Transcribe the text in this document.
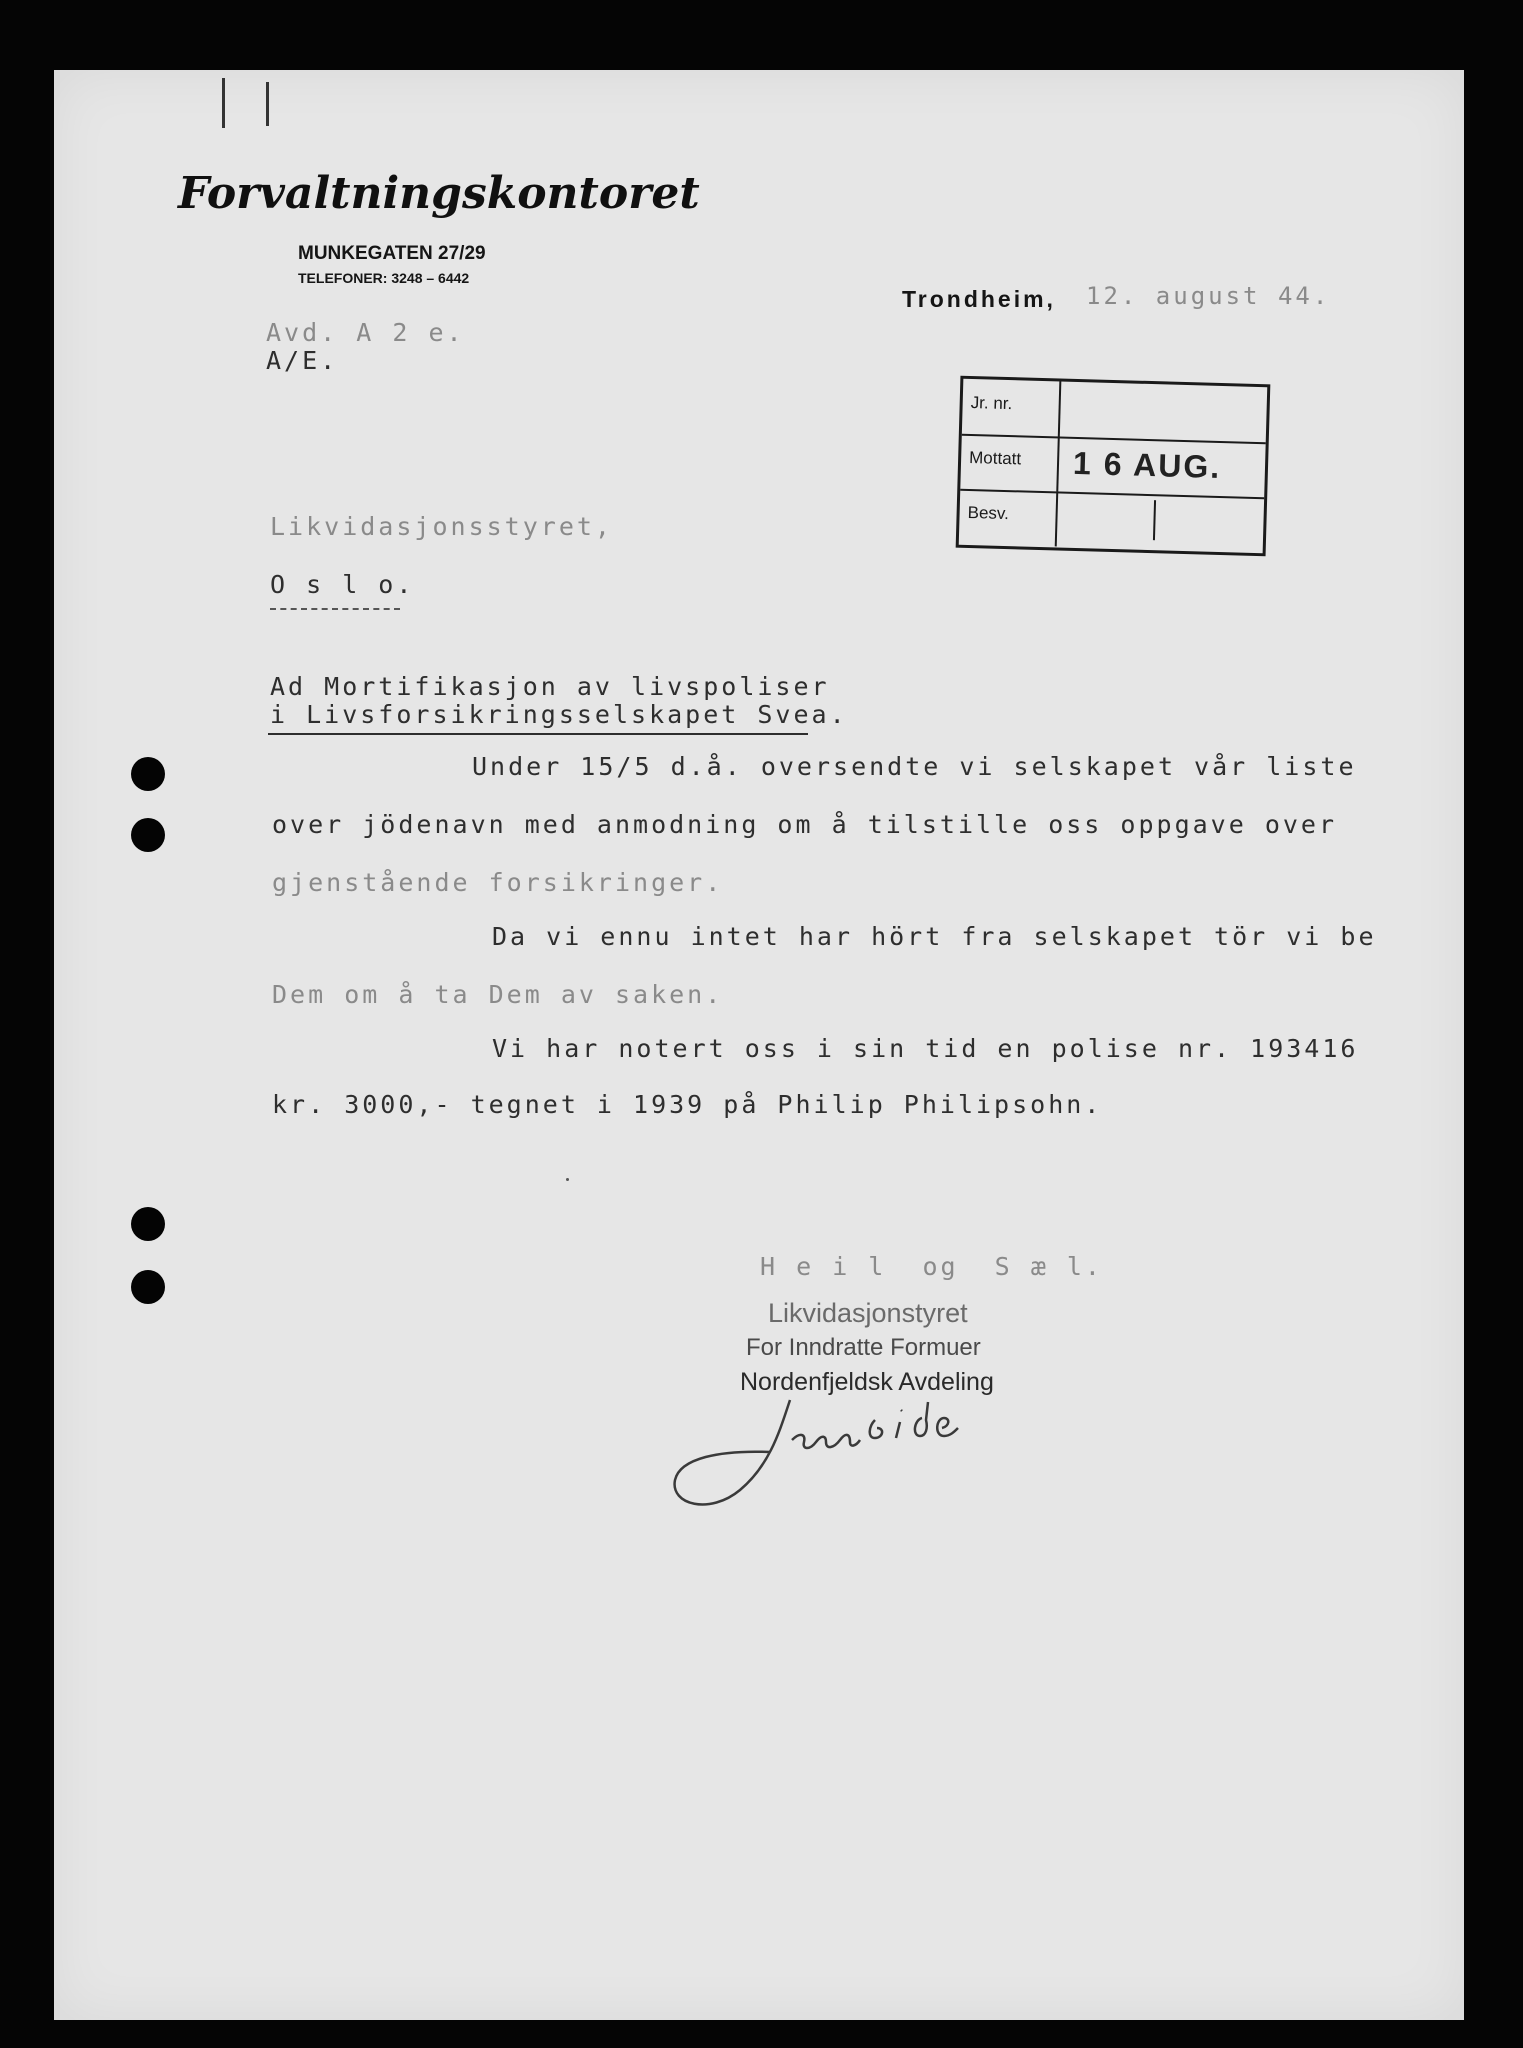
Forvaltningskontoret
MUNKEGATEN 27/29
TELEFONER: 3248 – 6442
Trondheim, 12. august 44.
Avd. A 2 e.
A/E.
Jr. nr.
Mottatt	1 6 AUG.
Besv.
Likvidasjonsstyret,
O s l o.
Ad Mortifikasjon av livspoliser
i Livsforsikringsselskapet Svea.
Under 15/5 d.å. oversendte vi selskapet vår liste
over jödenavn med anmodning om å tilstille oss oppgave over
gjenstående forsikringer.
Da vi ennu intet har hört fra selskapet tör vi be
Dem om å ta Dem av saken.
Vi har notert oss i sin tid en polise nr. 193416
kr. 3000,- tegnet i 1939 på Philip Philipsohn.
H e i l  og  S æ l.
Likvidasjonstyret
For Inndratte Formuer
Nordenfjeldsk Avdeling
